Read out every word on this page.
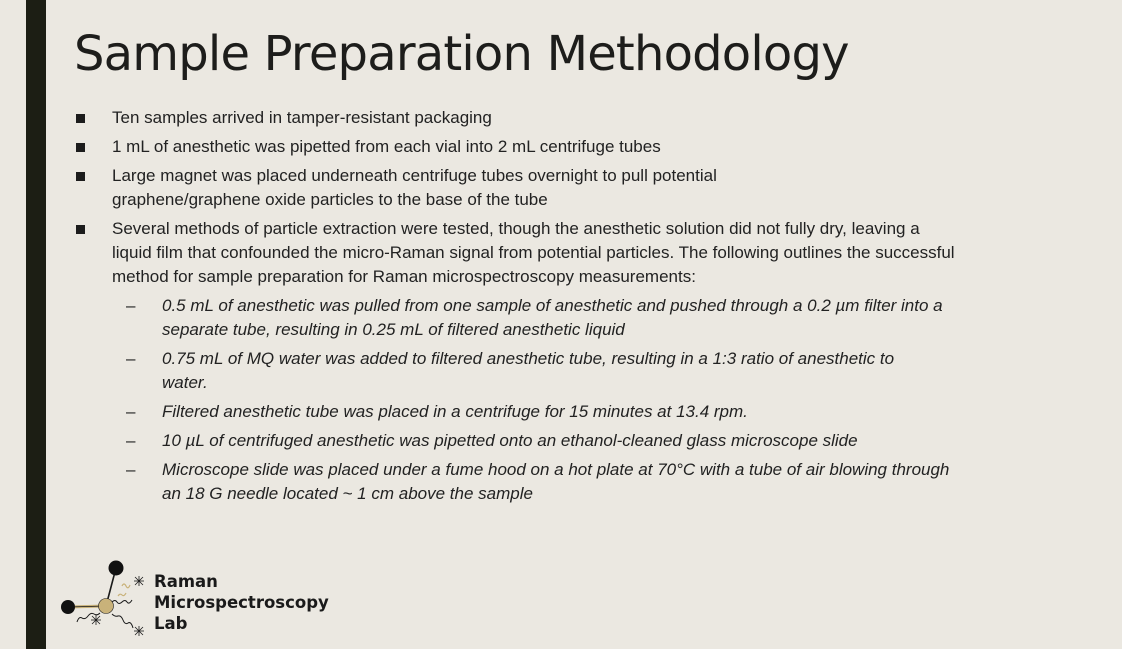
Sample Preparation Methodology
Ten samples arrived in tamper-resistant packaging
1 mL of anesthetic was pipetted from each vial into 2 mL centrifuge tubes
Large magnet was placed underneath centrifuge tubes overnight to pull potential graphene/graphene oxide particles to the base of the tube
Several methods of particle extraction were tested, though the anesthetic solution did not fully dry, leaving a liquid film that confounded the micro-Raman signal from potential particles. The following outlines the successful method for sample preparation for Raman microspectroscopy measurements:
– 0.5 mL of anesthetic was pulled from one sample of anesthetic and pushed through a 0.2 µm filter into a separate tube, resulting in 0.25 mL of filtered anesthetic liquid
– 0.75 mL of MQ water was added to filtered anesthetic tube, resulting in a 1:3 ratio of anesthetic to water.
– Filtered anesthetic tube was placed in a centrifuge for 15 minutes at 13.4 rpm.
– 10 µL of centrifuged anesthetic was pipetted onto an ethanol-cleaned glass microscope slide
– Microscope slide was placed under a fume hood on a hot plate at 70°C with a tube of air blowing through an 18 G needle located ~ 1 cm above the sample
Raman
Microspectroscopy
Lab
